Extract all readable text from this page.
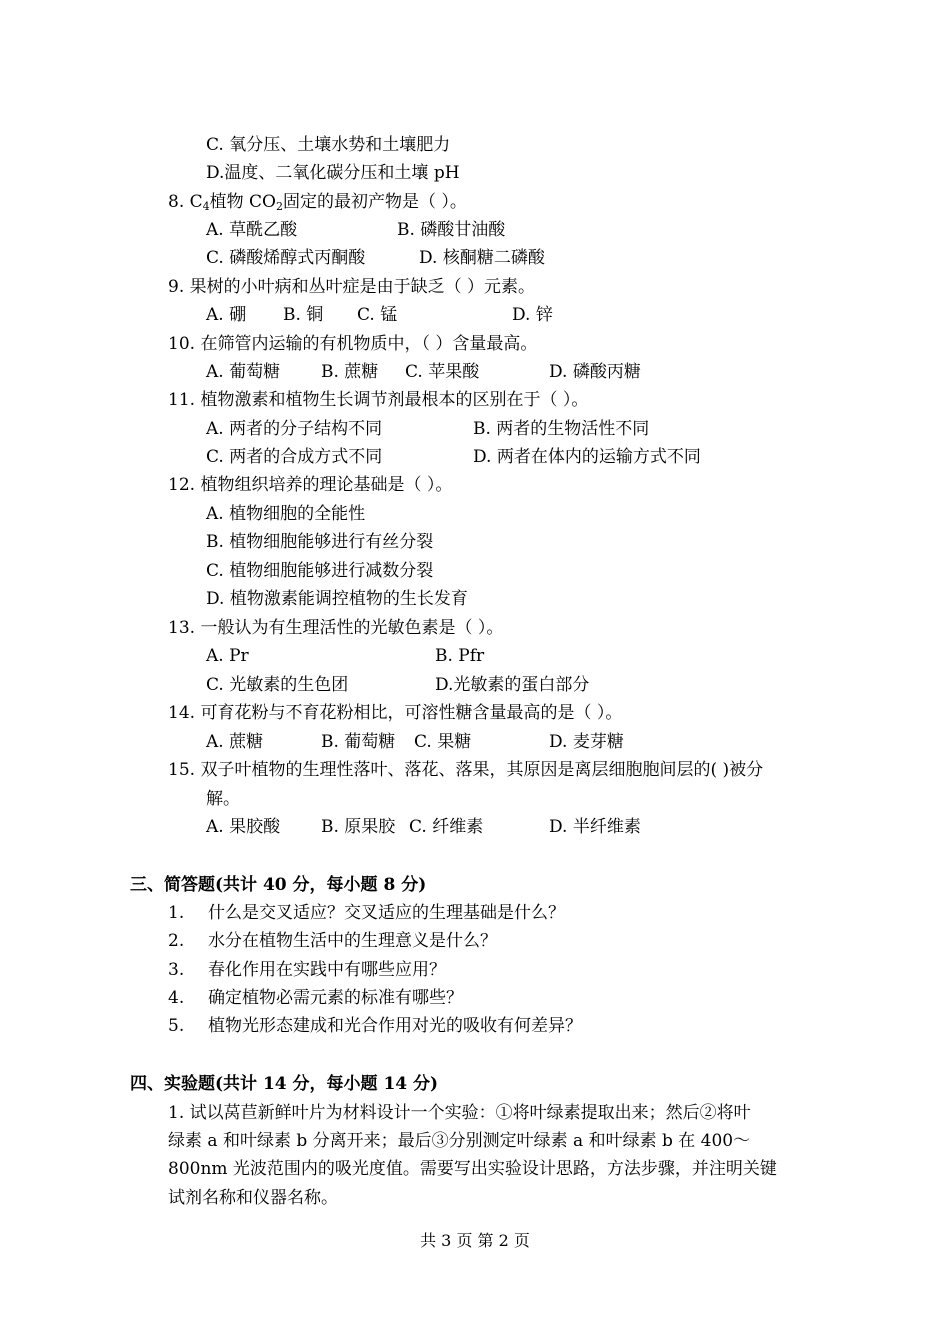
C. 氧分压、土壤水势和土壤肥力
D.温度、二氧化碳分压和土壤 pH
8. $C_4$植物 $CO_2$固定的最初产物是（ ）。
A. 草酰乙酸	B. 磷酸甘油酸
C. 磷酸烯醇式丙酮酸	D. 核酮糖二磷酸
9. 果树的小叶病和丛叶症是由于缺乏（ ）元素。
A. 硼 B. 铜 C. 锰	D. 锌
10. 在筛管内运输的有机物质中，（ ）含量最高。
A. 葡萄糖 B. 蔗糖 C. 苹果酸	D. 磷酸丙糖
11. 植物激素和植物生长调节剂最根本的区别在于（ ）。
A. 两者的分子结构不同	B. 两者的生物活性不同
C. 两者的合成方式不同	D. 两者在体内的运输方式不同
12. 植物组织培养的理论基础是（ ）。
A. 植物细胞的全能性
B. 植物细胞能够进行有丝分裂
C. 植物细胞能够进行减数分裂
D. 植物激素能调控植物的生长发育
13. 一般认为有生理活性的光敏色素是（ ）。
A. Pr	B. Pfr
C. 光敏素的生色团	D.光敏素的蛋白部分
14. 可育花粉与不育花粉相比，可溶性糖含量最高的是（ ）。
A. 蔗糖	B. 葡萄糖 C. 果糖	D. 麦芽糖
15. 双子叶植物的生理性落叶、落花、落果，其原因是离层细胞胞间层的( )被分
解。
A. 果胶酸 B. 原果胶 C. 纤维素	D. 半纤维素
三、简答题(共计 40 分，每小题 8 分)
1. 什么是交叉适应？交叉适应的生理基础是什么？
2. 水分在植物生活中的生理意义是什么？
3. 春化作用在实践中有哪些应用？
4. 确定植物必需元素的标准有哪些？
5. 植物光形态建成和光合作用对光的吸收有何差异？
四、实验题(共计 14 分，每小题 14 分)
1. 试以莴苣新鲜叶片为材料设计一个实验：①将叶绿素提取出来；然后②将叶
绿素 a 和叶绿素 b 分离开来；最后③分别测定叶绿素 a 和叶绿素 b 在 400～
800nm 光波范围内的吸光度值。需要写出实验设计思路，方法步骤，并注明关键
试剂名称和仪器名称。
共 3 页 第 2 页
